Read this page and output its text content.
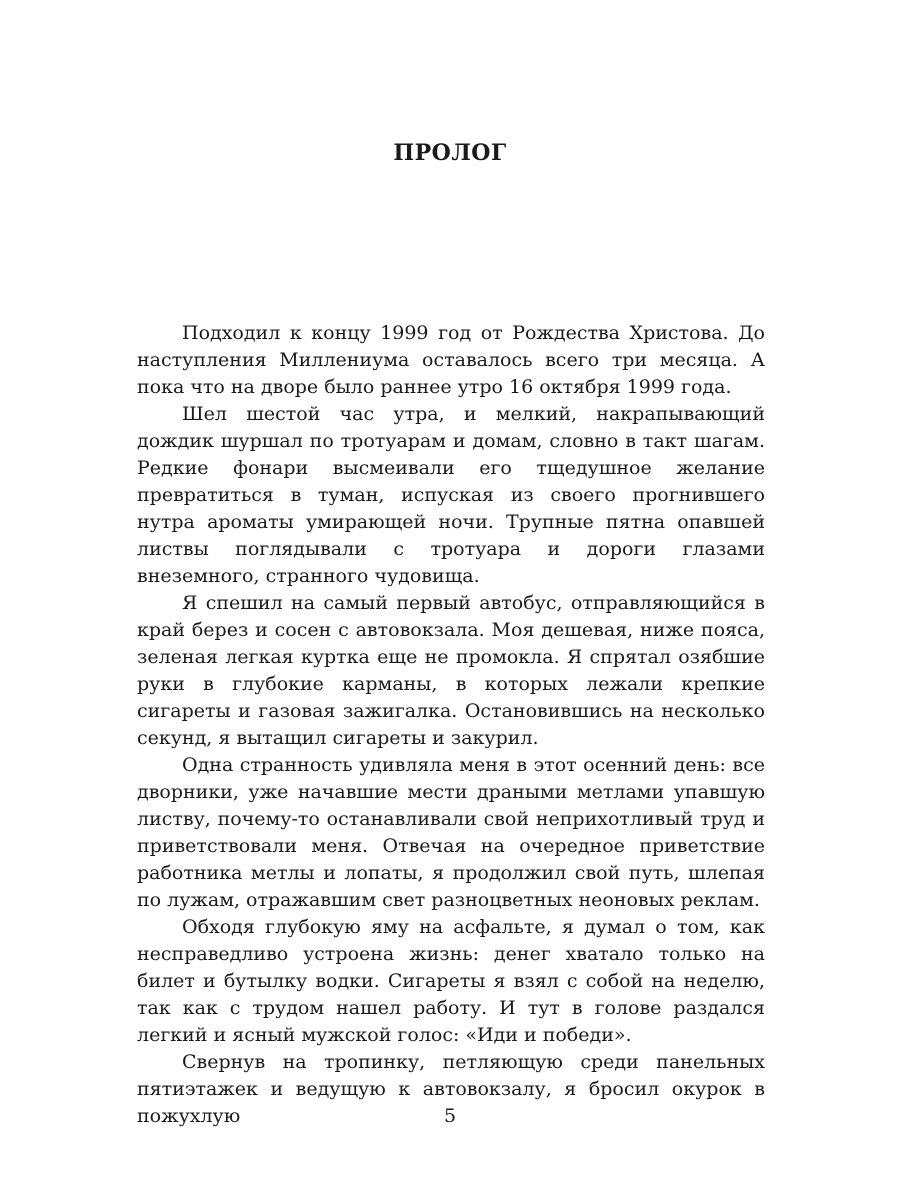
ПРОЛОГ

Подходил к концу 1999 год от Рождества Христова. До наступления Миллениума оставалось всего три месяца. А пока что на дворе было раннее утро 16 октября 1999 года.

Шел шестой час утра, и мелкий, накрапывающий дождик шуршал по тротуарам и домам, словно в такт шагам. Редкие фонари высмеивали его тщедушное желание превратиться в туман, испуская из своего прогнившего нутра ароматы умирающей ночи. Трупные пятна опавшей листвы поглядывали с тротуара и дороги глазами внеземного, странного чудовища.

Я спешил на самый первый автобус, отправляющийся в край берез и сосен с автовокзала. Моя дешевая, ниже пояса, зеленая легкая куртка еще не промокла. Я спрятал озябшие руки в глубокие карманы, в которых лежали крепкие сигареты и газовая зажигалка. Остановившись на несколько секунд, я вытащил сигареты и закурил.

Одна странность удивляла меня в этот осенний день: все дворники, уже начавшие мести драными метлами упавшую листву, почему-то останавливали свой неприхотливый труд и приветствовали меня. Отвечая на очередное приветствие работника метлы и лопаты, я продолжил свой путь, шлепая по лужам, отражавшим свет разноцветных неоновых реклам.

Обходя глубокую яму на асфальте, я думал о том, как несправедливо устроена жизнь: денег хватало только на билет и бутылку водки. Сигареты я взял с собой на неделю, так как с трудом нашел работу. И тут в голове раздался легкий и ясный мужской голос: «Иди и победи».

Свернув на тропинку, петляющую среди панельных пятиэтажек и ведущую к автовокзалу, я бросил окурок в пожухлую	5
